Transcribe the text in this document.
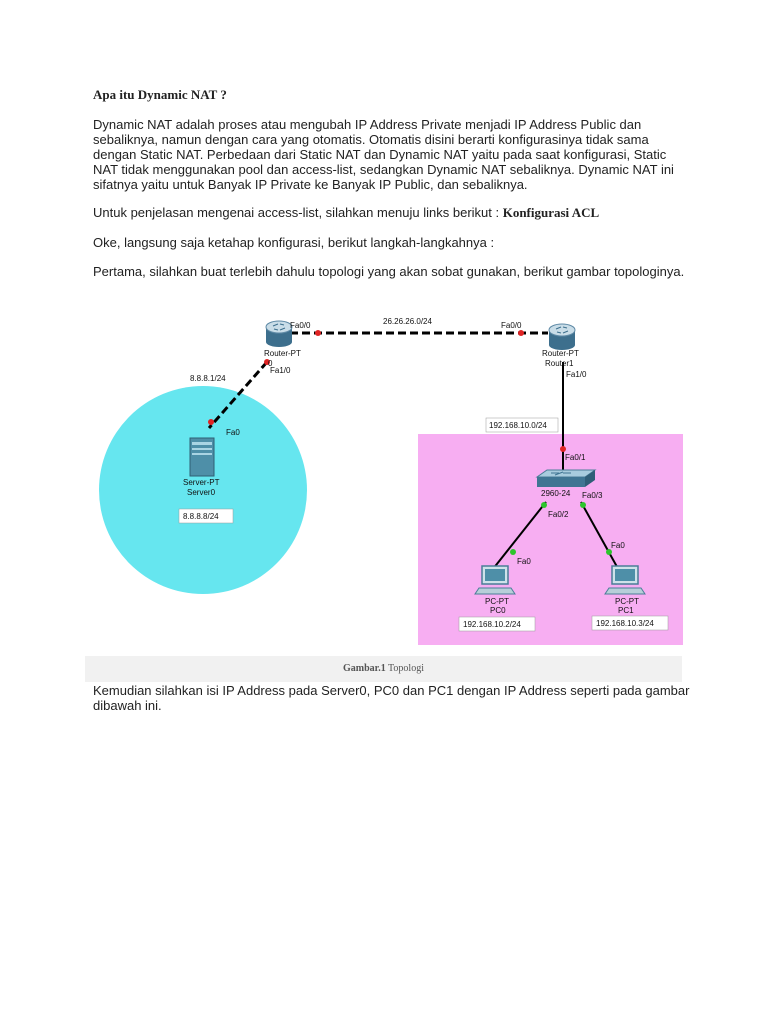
Apa itu Dynamic NAT ?
Dynamic NAT adalah proses atau mengubah IP Address Private menjadi IP Address Public dan sebaliknya, namun dengan cara yang otomatis. Otomatis disini berarti konfigurasinya tidak sama dengan Static NAT. Perbedaan dari Static NAT dan Dynamic NAT yaitu pada saat konfigurasi, Static NAT tidak menggunakan pool dan access-list, sedangkan Dynamic NAT sebaliknya. Dynamic NAT ini sifatnya yaitu untuk Banyak IP Private ke Banyak IP Public, dan sebaliknya.
Untuk penjelasan mengenai access-list, silahkan menuju links berikut : Konfigurasi ACL
Oke, langsung saja ketahap konfigurasi, berikut langkah-langkahnya :
Pertama, silahkan buat terlebih dahulu topologi yang akan sobat gunakan, berikut gambar topologinya.
Fa0/0
Router-PT
0
Fa1/0
26.26.26.0/24	Fa0/0
Router-PT
Router1
Fa1/0
8.8.8.1/24
Fa0
Server-PT
Server0
8.8.8.8/24
192.168.10.0/24
Fa0/1
2960-24 Fa0/3
Fa0/2
Fa0
PC-PT
PC0
192.168.10.2/24
Fa0
PC-PT
PC1
192.168.10.3/24
Gambar.1 Topologi
Kemudian silahkan isi IP Address pada Server0, PC0 dan PC1 dengan IP Address seperti pada gambar dibawah ini.
